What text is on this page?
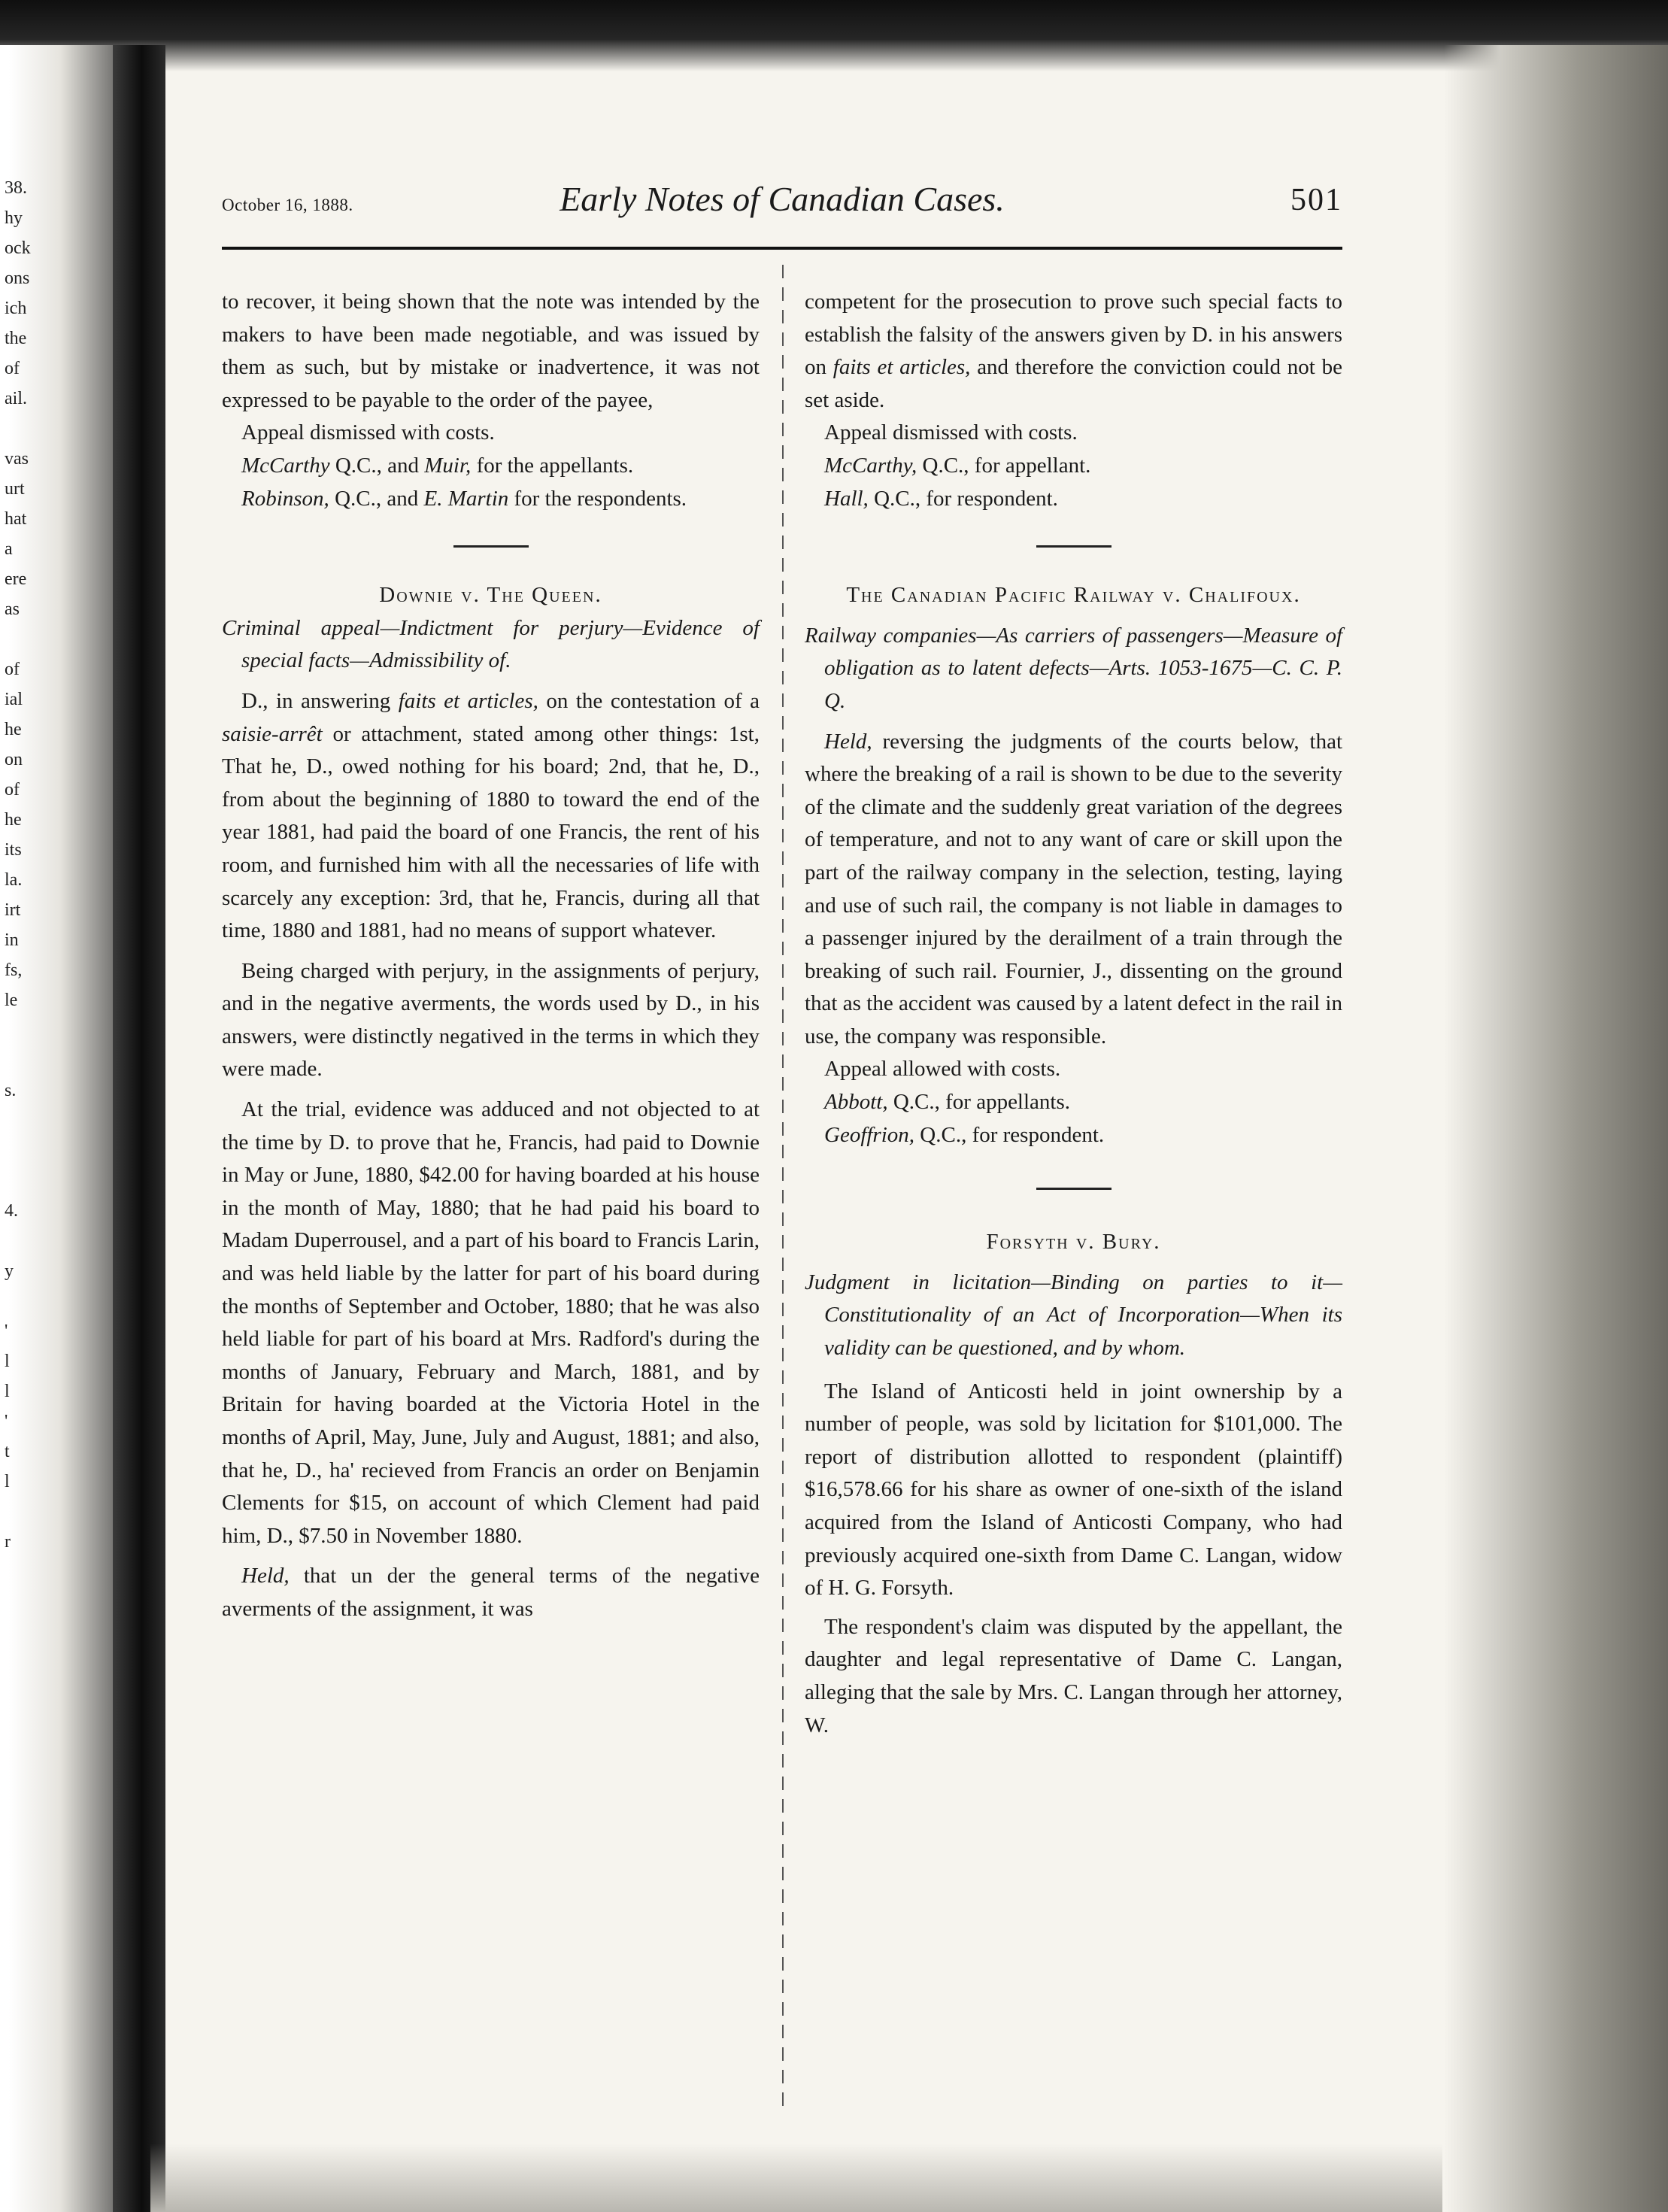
38.
hy
ock
ons
ich
the
of
ail.
vas
urt
hat
a
ere
as
of
ial
he
on
of
he
its
la.
irt
in
fs,
le
s.
4.
y
'
l
l
'
t
l
r
October 16, 1888.	Early Notes of Canadian Cases.	501

to recover, it being shown that the note was intended by the makers to have been made negotiable, and was issued by them as such, but by mistake or inadvertence, it was not expressed to be payable to the order of the payee,

Appeal dismissed with costs.

McCarthy Q.C., and Muir, for the appellants.

Robinson, Q.C., and E. Martin for the respondents.

Downie v. The Queen.

Criminal appeal—Indictment for perjury—Evidence of special facts—Admissibility of.

D., in answering faits et articles, on the contestation of a saisie-arrêt or attachment, stated among other things: 1st, That he, D., owed nothing for his board; 2nd, that he, D., from about the beginning of 1880 to toward the end of the year 1881, had paid the board of one Francis, the rent of his room, and furnished him with all the necessaries of life with scarcely any exception: 3rd, that he, Francis, during all that time, 1880 and 1881, had no means of support whatever.

Being charged with perjury, in the assignments of perjury, and in the negative averments, the words used by D., in his answers, were distinctly negatived in the terms in which they were made.

At the trial, evidence was adduced and not objected to at the time by D. to prove that he, Francis, had paid to Downie in May or June, 1880, $42.00 for having boarded at his house in the month of May, 1880; that he had paid his board to Madam Duperrousel, and a part of his board to Francis Larin, and was held liable by the latter for part of his board during the months of September and October, 1880; that he was also held liable for part of his board at Mrs. Radford's during the months of January, February and March, 1881, and by Britain for having boarded at the Victoria Hotel in the months of April, May, June, July and August, 1881; and also, that he, D., ha' recieved from Francis an order on Benjamin Clements for $15, on account of which Clement had paid him, D., $7.50 in November 1880.

Held, that un der the general terms of the negative averments of the assignment, it was

competent for the prosecution to prove such special facts to establish the falsity of the answers given by D. in his answers on faits et articles, and therefore the conviction could not be set aside.

Appeal dismissed with costs.

McCarthy, Q.C., for appellant.

Hall, Q.C., for respondent.

The Canadian Pacific Railway v. Chalifoux.

Railway companies—As carriers of passengers—Measure of obligation as to latent defects—Arts. 1053-1675—C. C. P. Q.

Held, reversing the judgments of the courts below, that where the breaking of a rail is shown to be due to the severity of the climate and the suddenly great variation of the degrees of temperature, and not to any want of care or skill upon the part of the railway company in the selection, testing, laying and use of such rail, the company is not liable in damages to a passenger injured by the derailment of a train through the breaking of such rail. Fournier, J., dissenting on the ground that as the accident was caused by a latent defect in the rail in use, the company was responsible.

Appeal allowed with costs.

Abbott, Q.C., for appellants.

Geoffrion, Q.C., for respondent.

Forsyth v. Bury.

Judgment in licitation—Binding on parties to it—Constitutionality of an Act of Incorporation—When its validity can be questioned, and by whom.

The Island of Anticosti held in joint ownership by a number of people, was sold by licitation for $101,000. The report of distribution allotted to respondent (plaintiff) $16,578.66 for his share as owner of one-sixth of the island acquired from the Island of Anticosti Company, who had previously acquired one-sixth from Dame C. Langan, widow of H. G. Forsyth.

The respondent's claim was disputed by the appellant, the daughter and legal representative of Dame C. Langan, alleging that the sale by Mrs. C. Langan through her attorney, W.
